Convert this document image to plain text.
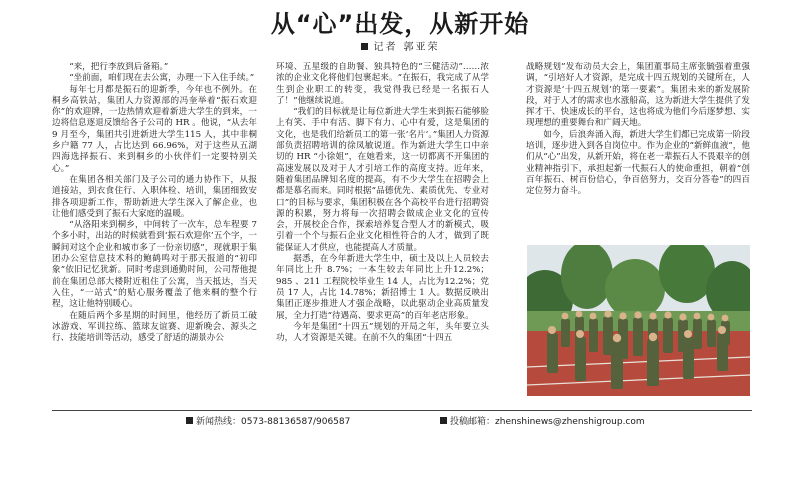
从“心”出发，从新开始
记者 郭亚荣

“来，把行李放到后备箱。”

“坐前面，咱们现在去公寓，办理一下入住手续。”

每年七月都是振石的迎新季，今年也不例外。在桐乡高铁站，集团人力资源部的冯奎举着“振石欢迎你”的欢迎牌，一边热情欢迎着新进大学生的到来，一边将信息逐退反馈给各子公司的 HR 。他说，“从去年 9 月至今，集团共引进新进大学生115 人，其中非桐乡户籍 77 人，占比达到 66.96%，对于这些从五湖四海选择振石、来到桐乡的小伙伴们一定要特别关心。”

在集团各相关部门及子公司的通力协作下，从报道接站，到衣食住行、入职体检、培训，集团细致安排各项迎新工作，帮助新进大学生深入了解企业，也让他们感受到了振石大家庭的温暖。

“从洛阳来到桐乡，中间转了一次车，总车程要 7 个多小时，出站的时候就看到‘振石欢迎你’五个字，一瞬间对这个企业和城市多了一份亲切感”，现就职于集团办公室信息技术科的鲍鹤鸣对于那天报道的“初印象”依旧记忆犹新。同时考虑到通勤时间，公司帮他提前在集团总部大楼附近租住了公寓，当天抵达，当天入住，“一站式”的贴心服务覆盖了他来桐的整个行程，这让他特别暖心。

在随后两个多星期的时间里，他经历了新员工破冰游戏、军训拉练、篮球友谊赛、迎新晚会、源头之行、技能培训等活动，感受了舒适的湖景办公

环境、五星级的自助餐、独具特色的“三健活动”……浓浓的企业文化将他们包裹起来。“在振石，我完成了从学生到企业职工的转变，我觉得我已经是一名振石人了！”他继续说道。

“我们的目标就是让每位新进大学生来到振石能够脸上有笑、手中有活、脚下有力、心中有爱，这是集团的文化，也是我们给新员工的第一张‘名片’。”集团人力资源部负责招聘培训的徐凤敏说道。作为新进大学生口中亲切的 HR “小徐姐”，在她看来，这一切都离不开集团的高速发展以及对于人才引培工作的高度支持。近年来，随着集团品牌知名度的提高，有不少大学生在招聘会上都是慕名而来。同时根据“品德优先、素质优先、专业对口”的目标与要求，集团积极在各个高校平台进行招聘资源的积累，努力将每一次招聘会做成企业文化的宣传会，开展校企合作，探索培养复合型人才的新模式，吸引着一个个与振石企业文化相性符合的人才，做到了既能保证人才供应，也能提高人才质量。

据悉，在今年新进大学生中，硕士及以上人员较去年同比上升 8.7%；一本生较去年同比上升12.2%；985 、211 工程院校毕业生 14 人，占比为12.2%；党员 17 人，占比 14.78%；新招博士 1 人。数据反映出集团正逐步推进人才强企战略，以此驱动企业高质量发展，全力打造“待遇高、要求更高”的百年老店形象。

今年是集团“十四五”规划的开局之年，头年要立头功，人才资源是关键。在前不久的集团“十四五

战略规划”发布动员大会上，集团董事局主席张毓强着重强调，“引培好人才资源，是完成十四五规划的关键所在，人才资源是‘十四五规划’的第一要素”。集团未来的新发展阶段，对于人才的需求也水涨船高，这为新进大学生提供了发挥才干、快速成长的平台，这也将成为他们今后逐梦想、实现理想的重要舞台和广阔天地。

如今，后浪奔涌入海，新进大学生们都已完成第一阶段培训，逐步进入到各自岗位中。作为企业的“新鲜血液”，他们从“心”出发，从新开始，将在老一辈振石人不畏艰辛的创业精神指引下，承担起新一代振石人的使命重担，朝着“创百年振石、树百份信心，争百倍努力，交百分答卷”的四百定位努力奋斗。

新闻热线：0573-88136587/906587	投稿邮箱：zhenshinews@zhenshigroup.com
